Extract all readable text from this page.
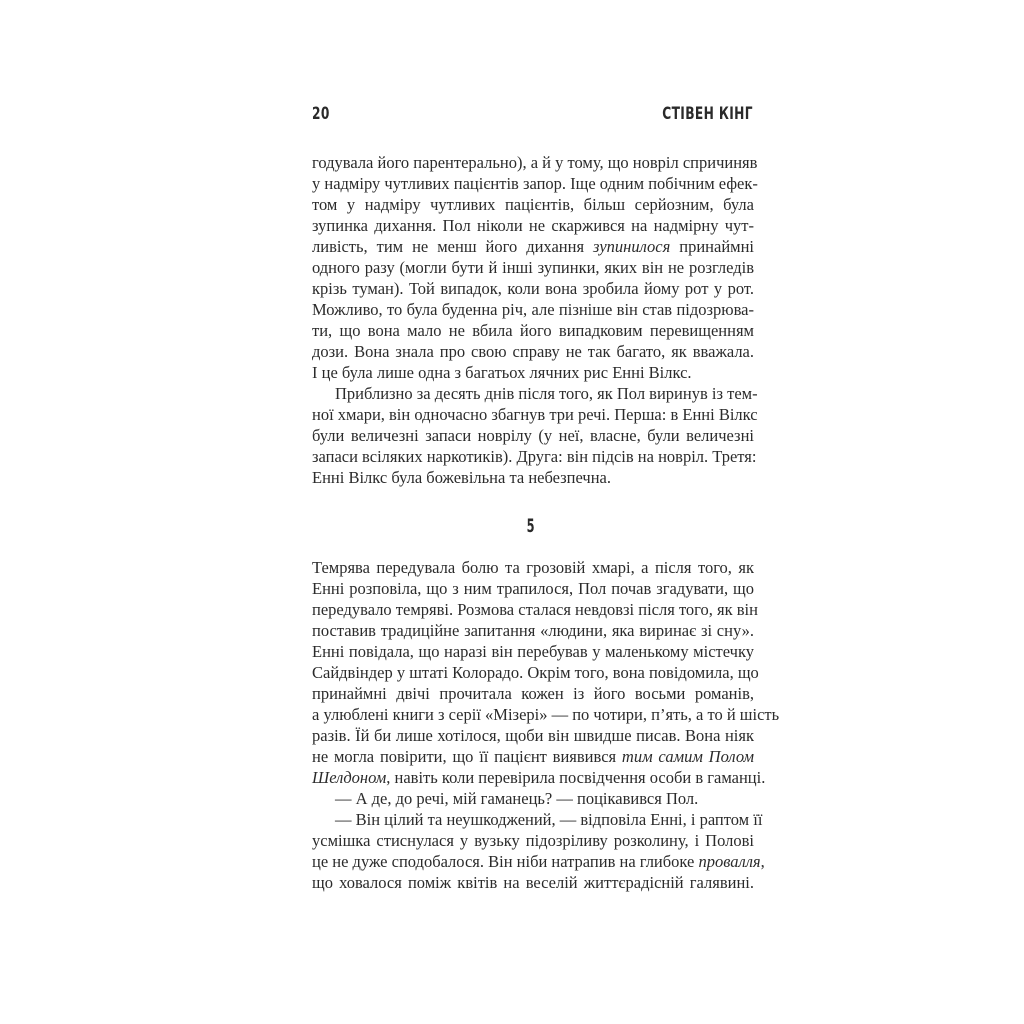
20	СТІВЕН КІНГ
годувала його парентерально), а й у тому, що новріл спричиняв
у надміру чутливих пацієнтів запор. Іще одним побічним ефек-
том у надміру чутливих пацієнтів, більш серйозним, була
зупинка дихання. Пол ніколи не скаржився на надмірну чут-
ливість, тим не менш його дихання зупинилося принаймні
одного разу (могли бути й інші зупинки, яких він не розгледів
крізь туман). Той випадок, коли вона зробила йому рот у рот.
Можливо, то була буденна річ, але пізніше він став підозрюва-
ти, що вона мало не вбила його випадковим перевищенням
дози. Вона знала про свою справу не так багато, як вважала.
І це була лише одна з багатьох лячних рис Енні Вілкс.
Приблизно за десять днів після того, як Пол виринув із тем-
ної хмари, він одночасно збагнув три речі. Перша: в Енні Вілкс
були величезні запаси новрілу (у неї, власне, були величезні
запаси всіляких наркотиків). Друга: він підсів на новріл. Третя:
Енні Вілкс була божевільна та небезпечна.
5
Темрява передувала болю та грозовій хмарі, а після того, як
Енні розповіла, що з ним трапилося, Пол почав згадувати, що
передувало темряві. Розмова сталася невдовзі після того, як він
поставив традиційне запитання «людини, яка виринає зі сну».
Енні повідала, що наразі він перебував у маленькому містечку
Сайдвіндер у штаті Колорадо. Окрім того, вона повідомила, що
принаймні двічі прочитала кожен із його восьми романів,
а улюблені книги з серії «Мізері» — по чотири, п’ять, а то й шість
разів. Їй би лише хотілося, щоби він швидше писав. Вона ніяк
не могла повірити, що її пацієнт виявився тим самим Полом
Шелдоном, навіть коли перевірила посвідчення особи в гаманці.
— А де, до речі, мій гаманець? — поцікавився Пол.
— Він цілий та неушкоджений, — відповіла Енні, і раптом її
усмішка стиснулася у вузьку підозріливу розколину, і Полові
це не дуже сподобалося. Він ніби натрапив на глибоке провалля,
що ховалося поміж квітів на веселій життєрадісній галявині.
